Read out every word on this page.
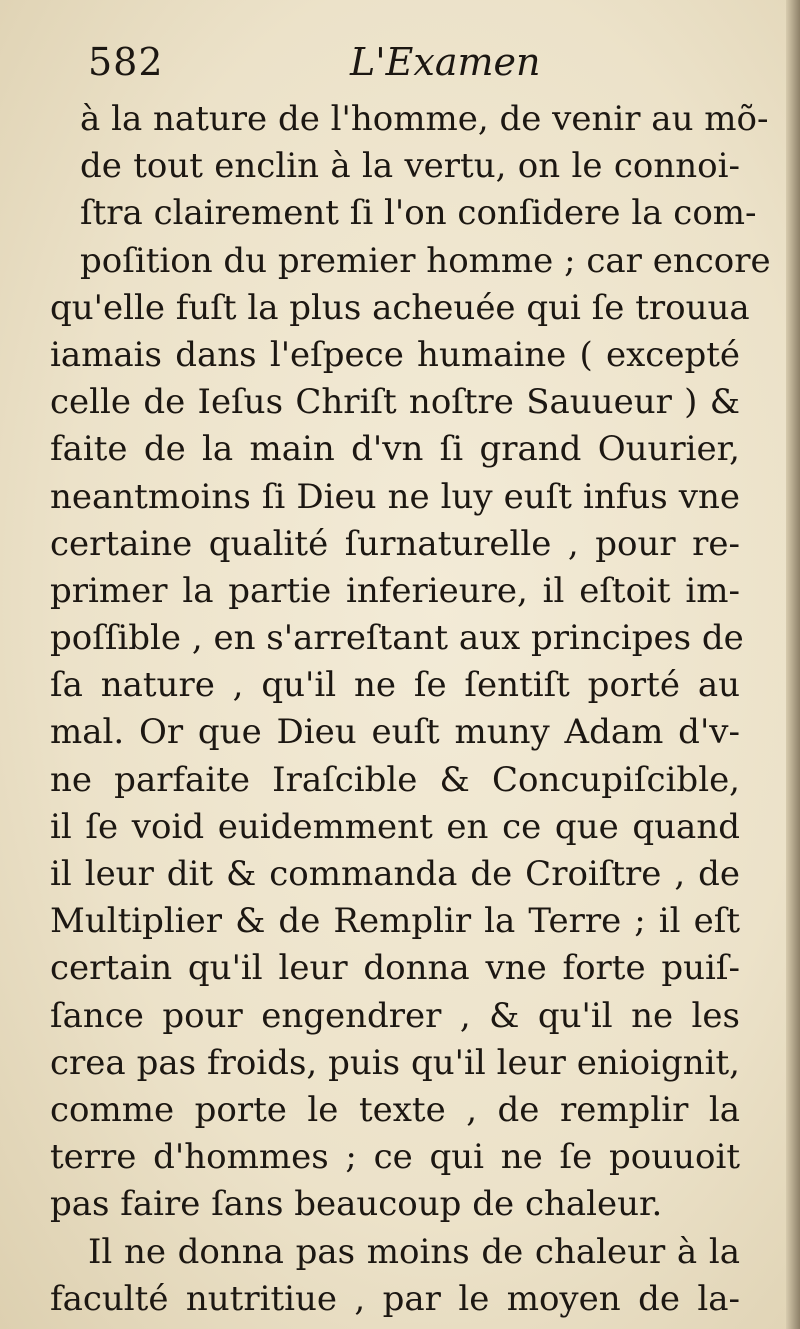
582	L'Examen
à la nature de l'homme, de venir au mõ-
de tout enclin à la vertu, on le connoi-
ſtra clairement ſi l'on conſidere la com-
poſition du premier homme ; car encore
qu'elle fuſt la plus acheuée qui ſe trouua
iamais dans l'eſpece humaine ( excepté
celle de Ieſus Chriſt noſtre Sauueur ) &
faite de la main d'vn ſi grand Ouurier,
neantmoins ſi Dieu ne luy euſt infus vne
certaine qualité ſurnaturelle , pour re-
primer la partie inferieure, il eſtoit im-
poſſible , en s'arreſtant aux principes de
ſa nature , qu'il ne ſe ſentiſt porté au
mal. Or que Dieu euſt muny Adam d'v-
ne parfaite Iraſcible & Concupiſcible,
il ſe void euidemment en ce que quand
il leur dit & commanda de Croiſtre , de
Multiplier & de Remplir la Terre ; il eſt
certain qu'il leur donna vne forte puiſ-
ſance pour engendrer , & qu'il ne les
crea pas froids, puis qu'il leur enioignit,
comme porte le texte , de remplir la
terre d'hommes ; ce qui ne ſe pouuoit
pas faire ſans beaucoup de chaleur.
Il ne donna pas moins de chaleur à la
faculté nutritiue , par le moyen de la-
